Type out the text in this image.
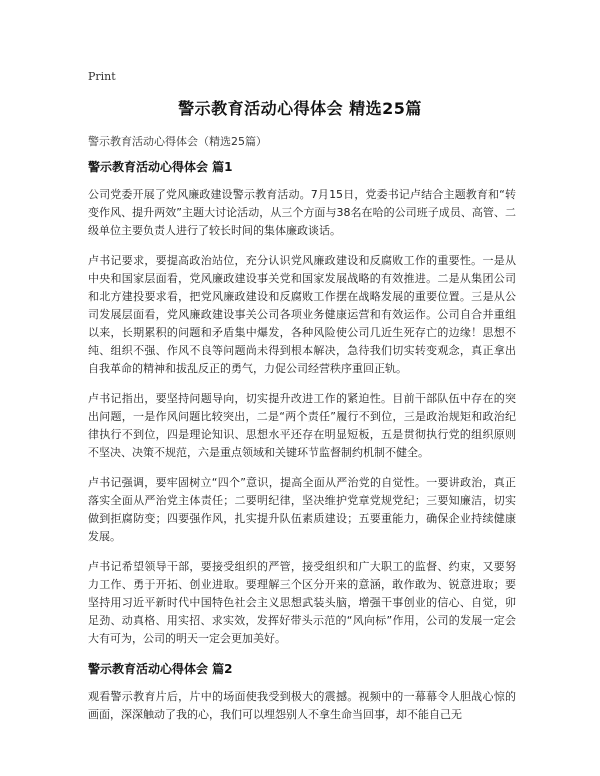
Print
警示教育活动心得体会 精选25篇
警示教育活动心得体会（精选25篇）
警示教育活动心得体会 篇1

公司党委开展了党风廉政建设警示教育活动。7月15日，党委书记卢结合主题教育和“转变作风、提升两效”主题大讨论活动，从三个方面与38名在哈的公司班子成员、高管、二级单位主要负责人进行了较长时间的集体廉政谈话。

卢书记要求，要提高政治站位，充分认识党风廉政建设和反腐败工作的重要性。一是从中央和国家层面看，党风廉政建设事关党和国家发展战略的有效推进。二是从集团公司和北方建投要求看，把党风廉政建设和反腐败工作摆在战略发展的重要位置。三是从公司发展层面看，党风廉政建设事关公司各项业务健康运营和有效运作。公司自合并重组以来，长期累积的问题和矛盾集中爆发，各种风险使公司几近生死存亡的边缘！思想不纯、组织不强、作风不良等问题尚未得到根本解决，急待我们切实转变观念，真正拿出自我革命的精神和拔乱反正的勇气，力促公司经营秩序重回正轨。

卢书记指出，要坚持问题导向，切实提升改进工作的紧迫性。目前干部队伍中存在的突出问题，一是作风问题比较突出，二是“两个责任”履行不到位，三是政治规矩和政治纪律执行不到位，四是理论知识、思想水平还存在明显短板，五是贯彻执行党的组织原则不坚决、决策不规范，六是重点领域和关键环节监督制约机制不健全。

卢书记强调，要牢固树立“四个”意识，提高全面从严治党的自觉性。一要讲政治，真正落实全面从严治党主体责任；二要明纪律，坚决维护党章党规党纪；三要知廉洁，切实做到拒腐防变；四要强作风，扎实提升队伍素质建设；五要重能力，确保企业持续健康发展。

卢书记希望领导干部，要接受组织的严管，接受组织和广大职工的监督、约束，又要努力工作、勇于开拓、创业进取。要理解三个区分开来的意涵，敢作敢为、锐意进取；要坚持用习近平新时代中国特色社会主义思想武装头脑，增强干事创业的信心、自觉，卯足劲、动真格、用实招、求实效，发挥好带头示范的“风向标”作用，公司的发展一定会大有可为，公司的明天一定会更加美好。

警示教育活动心得体会 篇2

观看警示教育片后，片中的场面使我受到极大的震撼。视频中的一幕幕令人胆战心惊的画面，深深触动了我的心，我们可以埋怨别人不拿生命当回事，却不能自己无
